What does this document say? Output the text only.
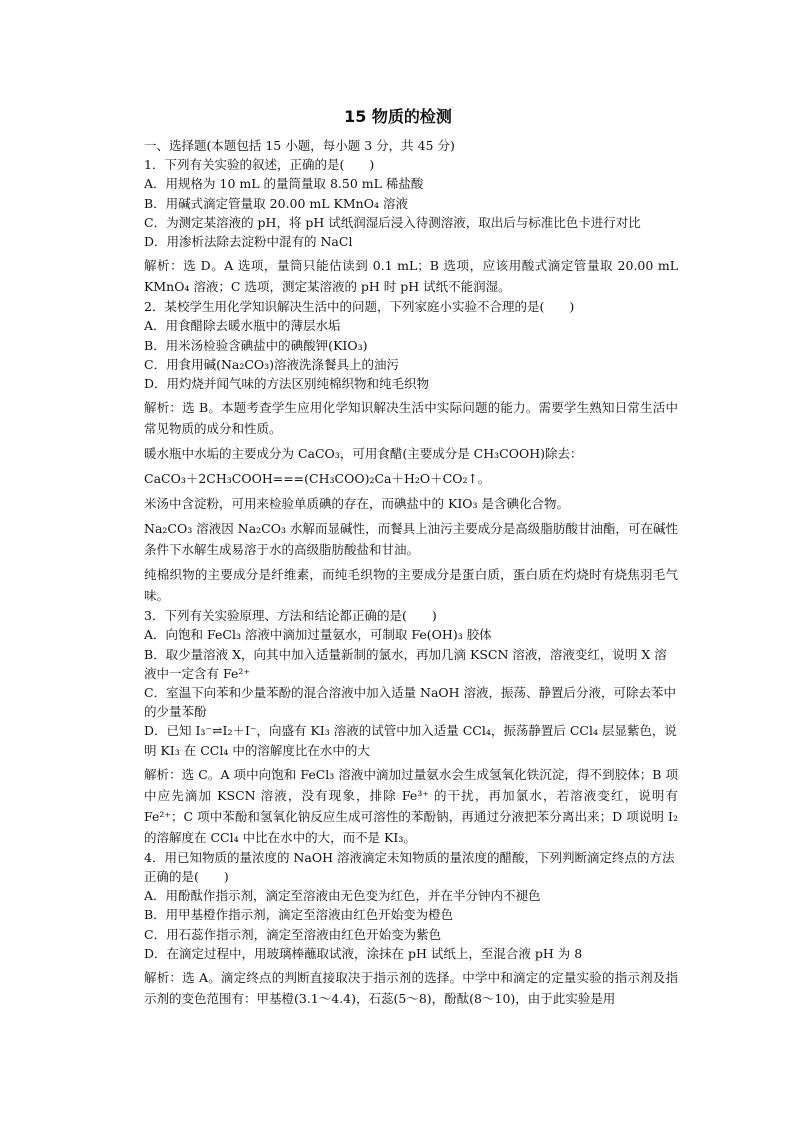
15 物质的检测
一、选择题(本题包括 15 小题，每小题 3 分，共 45 分)
1．下列有关实验的叙述，正确的是(　　)
A．用规格为 10 mL 的量筒量取 8.50 mL 稀盐酸
B．用碱式滴定管量取 20.00 mL KMnO₄ 溶液
C．为测定某溶液的 pH，将 pH 试纸润湿后浸入待测溶液，取出后与标准比色卡进行对比
D．用渗析法除去淀粉中混有的 NaCl
解析：选 D。A 选项，量筒只能估读到 0.1 mL；B 选项，应该用酸式滴定管量取 20.00 mL KMnO₄ 溶液；C 选项，测定某溶液的 pH 时 pH 试纸不能润湿。
2．某校学生用化学知识解决生活中的问题，下列家庭小实验不合理的是(　　)
A．用食醋除去暖水瓶中的薄层水垢
B．用米汤检验含碘盐中的碘酸钾(KIO₃)
C．用食用碱(Na₂CO₃)溶液洗涤餐具上的油污
D．用灼烧并闻气味的方法区别纯棉织物和纯毛织物
解析：选 B。本题考查学生应用化学知识解决生活中实际问题的能力。需要学生熟知日常生活中常见物质的成分和性质。
暖水瓶中水垢的主要成分为 CaCO₃，可用食醋(主要成分是 CH₃COOH)除去：
CaCO₃＋2CH₃COOH===(CH₃COO)₂Ca＋H₂O＋CO₂↑。
米汤中含淀粉，可用来检验单质碘的存在，而碘盐中的 KIO₃ 是含碘化合物。
Na₂CO₃ 溶液因 Na₂CO₃ 水解而显碱性，而餐具上油污主要成分是高级脂肪酸甘油酯，可在碱性条件下水解生成易溶于水的高级脂肪酸盐和甘油。
纯棉织物的主要成分是纤维素，而纯毛织物的主要成分是蛋白质，蛋白质在灼烧时有烧焦羽毛气味。
3．下列有关实验原理、方法和结论都正确的是(　　)
A．向饱和 FeCl₃ 溶液中滴加过量氨水，可制取 Fe(OH)₃ 胶体
B．取少量溶液 X，向其中加入适量新制的氯水，再加几滴 KSCN 溶液，溶液变红，说明 X 溶液中一定含有 Fe²⁺
C．室温下向苯和少量苯酚的混合溶液中加入适量 NaOH 溶液，振荡、静置后分液，可除去苯中的少量苯酚
D．已知 I₃⁻⇌I₂＋I⁻，向盛有 KI₃ 溶液的试管中加入适量 CCl₄，振荡静置后 CCl₄ 层显紫色，说明 KI₃ 在 CCl₄ 中的溶解度比在水中的大
解析：选 C。A 项中向饱和 FeCl₃ 溶液中滴加过量氨水会生成氢氧化铁沉淀，得不到胶体；B 项中应先滴加 KSCN 溶液，没有现象，排除 Fe³⁺ 的干扰，再加氯水，若溶液变红，说明有 Fe²⁺；C 项中苯酚和氢氧化钠反应生成可溶性的苯酚钠，再通过分液把苯分离出来；D 项说明 I₂ 的溶解度在 CCl₄ 中比在水中的大，而不是 KI₃。
4．用已知物质的量浓度的 NaOH 溶液滴定未知物质的量浓度的醋酸，下列判断滴定终点的方法正确的是(　　)
A．用酚酞作指示剂，滴定至溶液由无色变为红色，并在半分钟内不褪色
B．用甲基橙作指示剂，滴定至溶液由红色开始变为橙色
C．用石蕊作指示剂，滴定至溶液由红色开始变为紫色
D．在滴定过程中，用玻璃棒蘸取试液，涂抹在 pH 试纸上，至混合液 pH 为 8
解析：选 A。滴定终点的判断直接取决于指示剂的选择。中学中和滴定的定量实验的指示剂及指示剂的变色范围有：甲基橙(3.1～4.4)，石蕊(5～8)，酚酞(8～10)，由于此实验是用
